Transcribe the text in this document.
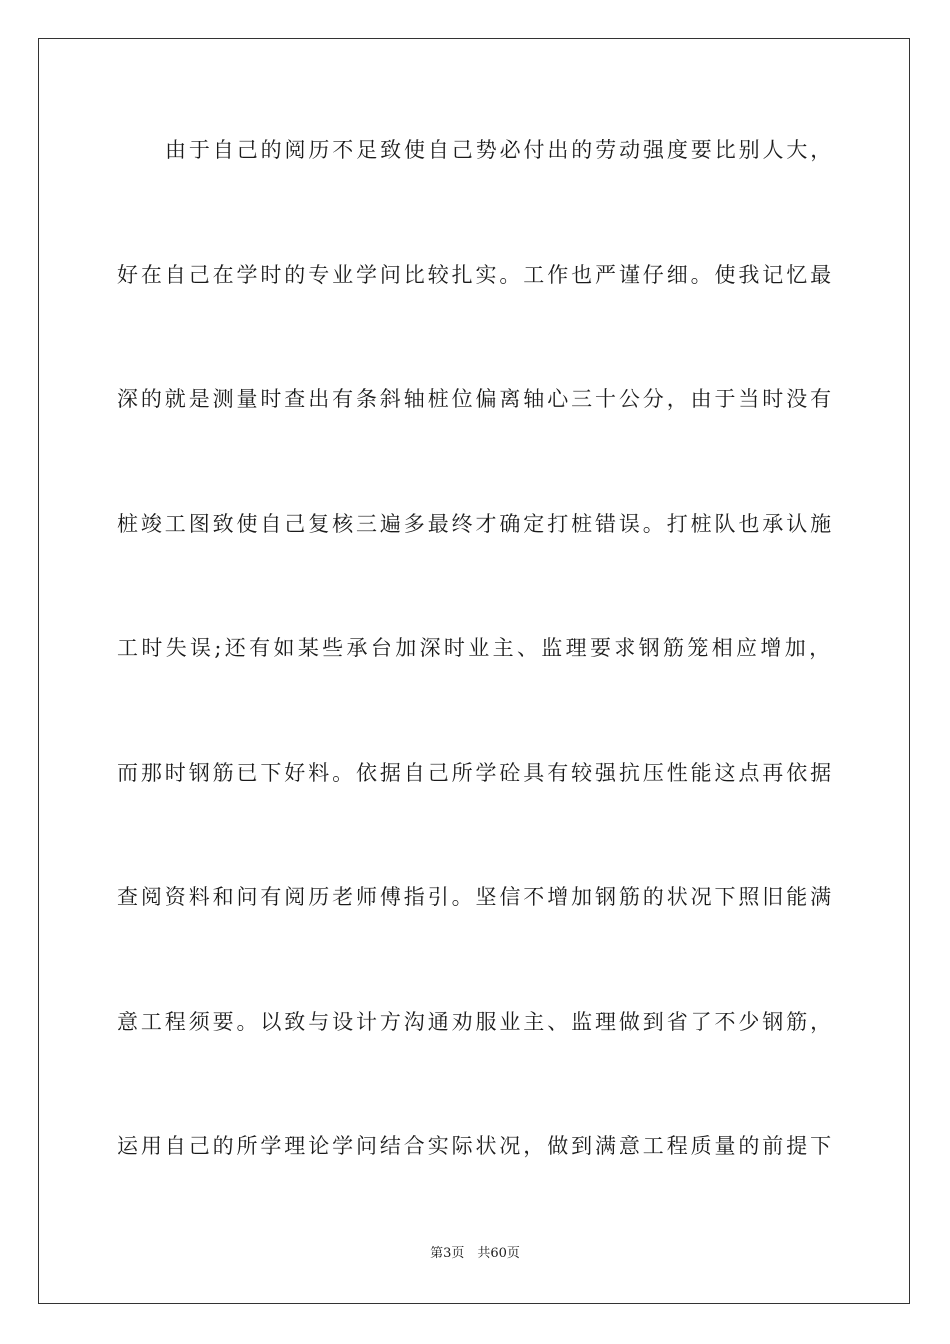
由于自己的阅历不足致使自己势必付出的劳动强度要比别人大，
好在自己在学时的专业学问比较扎实。工作也严谨仔细。使我记忆最
深的就是测量时查出有条斜轴桩位偏离轴心三十公分，由于当时没有
桩竣工图致使自己复核三遍多最终才确定打桩错误。打桩队也承认施
工时失误;还有如某些承台加深时业主、监理要求钢筋笼相应增加，
而那时钢筋已下好料。依据自己所学砼具有较强抗压性能这点再依据
查阅资料和问有阅历老师傅指引。坚信不增加钢筋的状况下照旧能满
意工程须要。以致与设计方沟通劝服业主、监理做到省了不少钢筋，
运用自己的所学理论学问结合实际状况，做到满意工程质量的前提下
第3页　共60页
